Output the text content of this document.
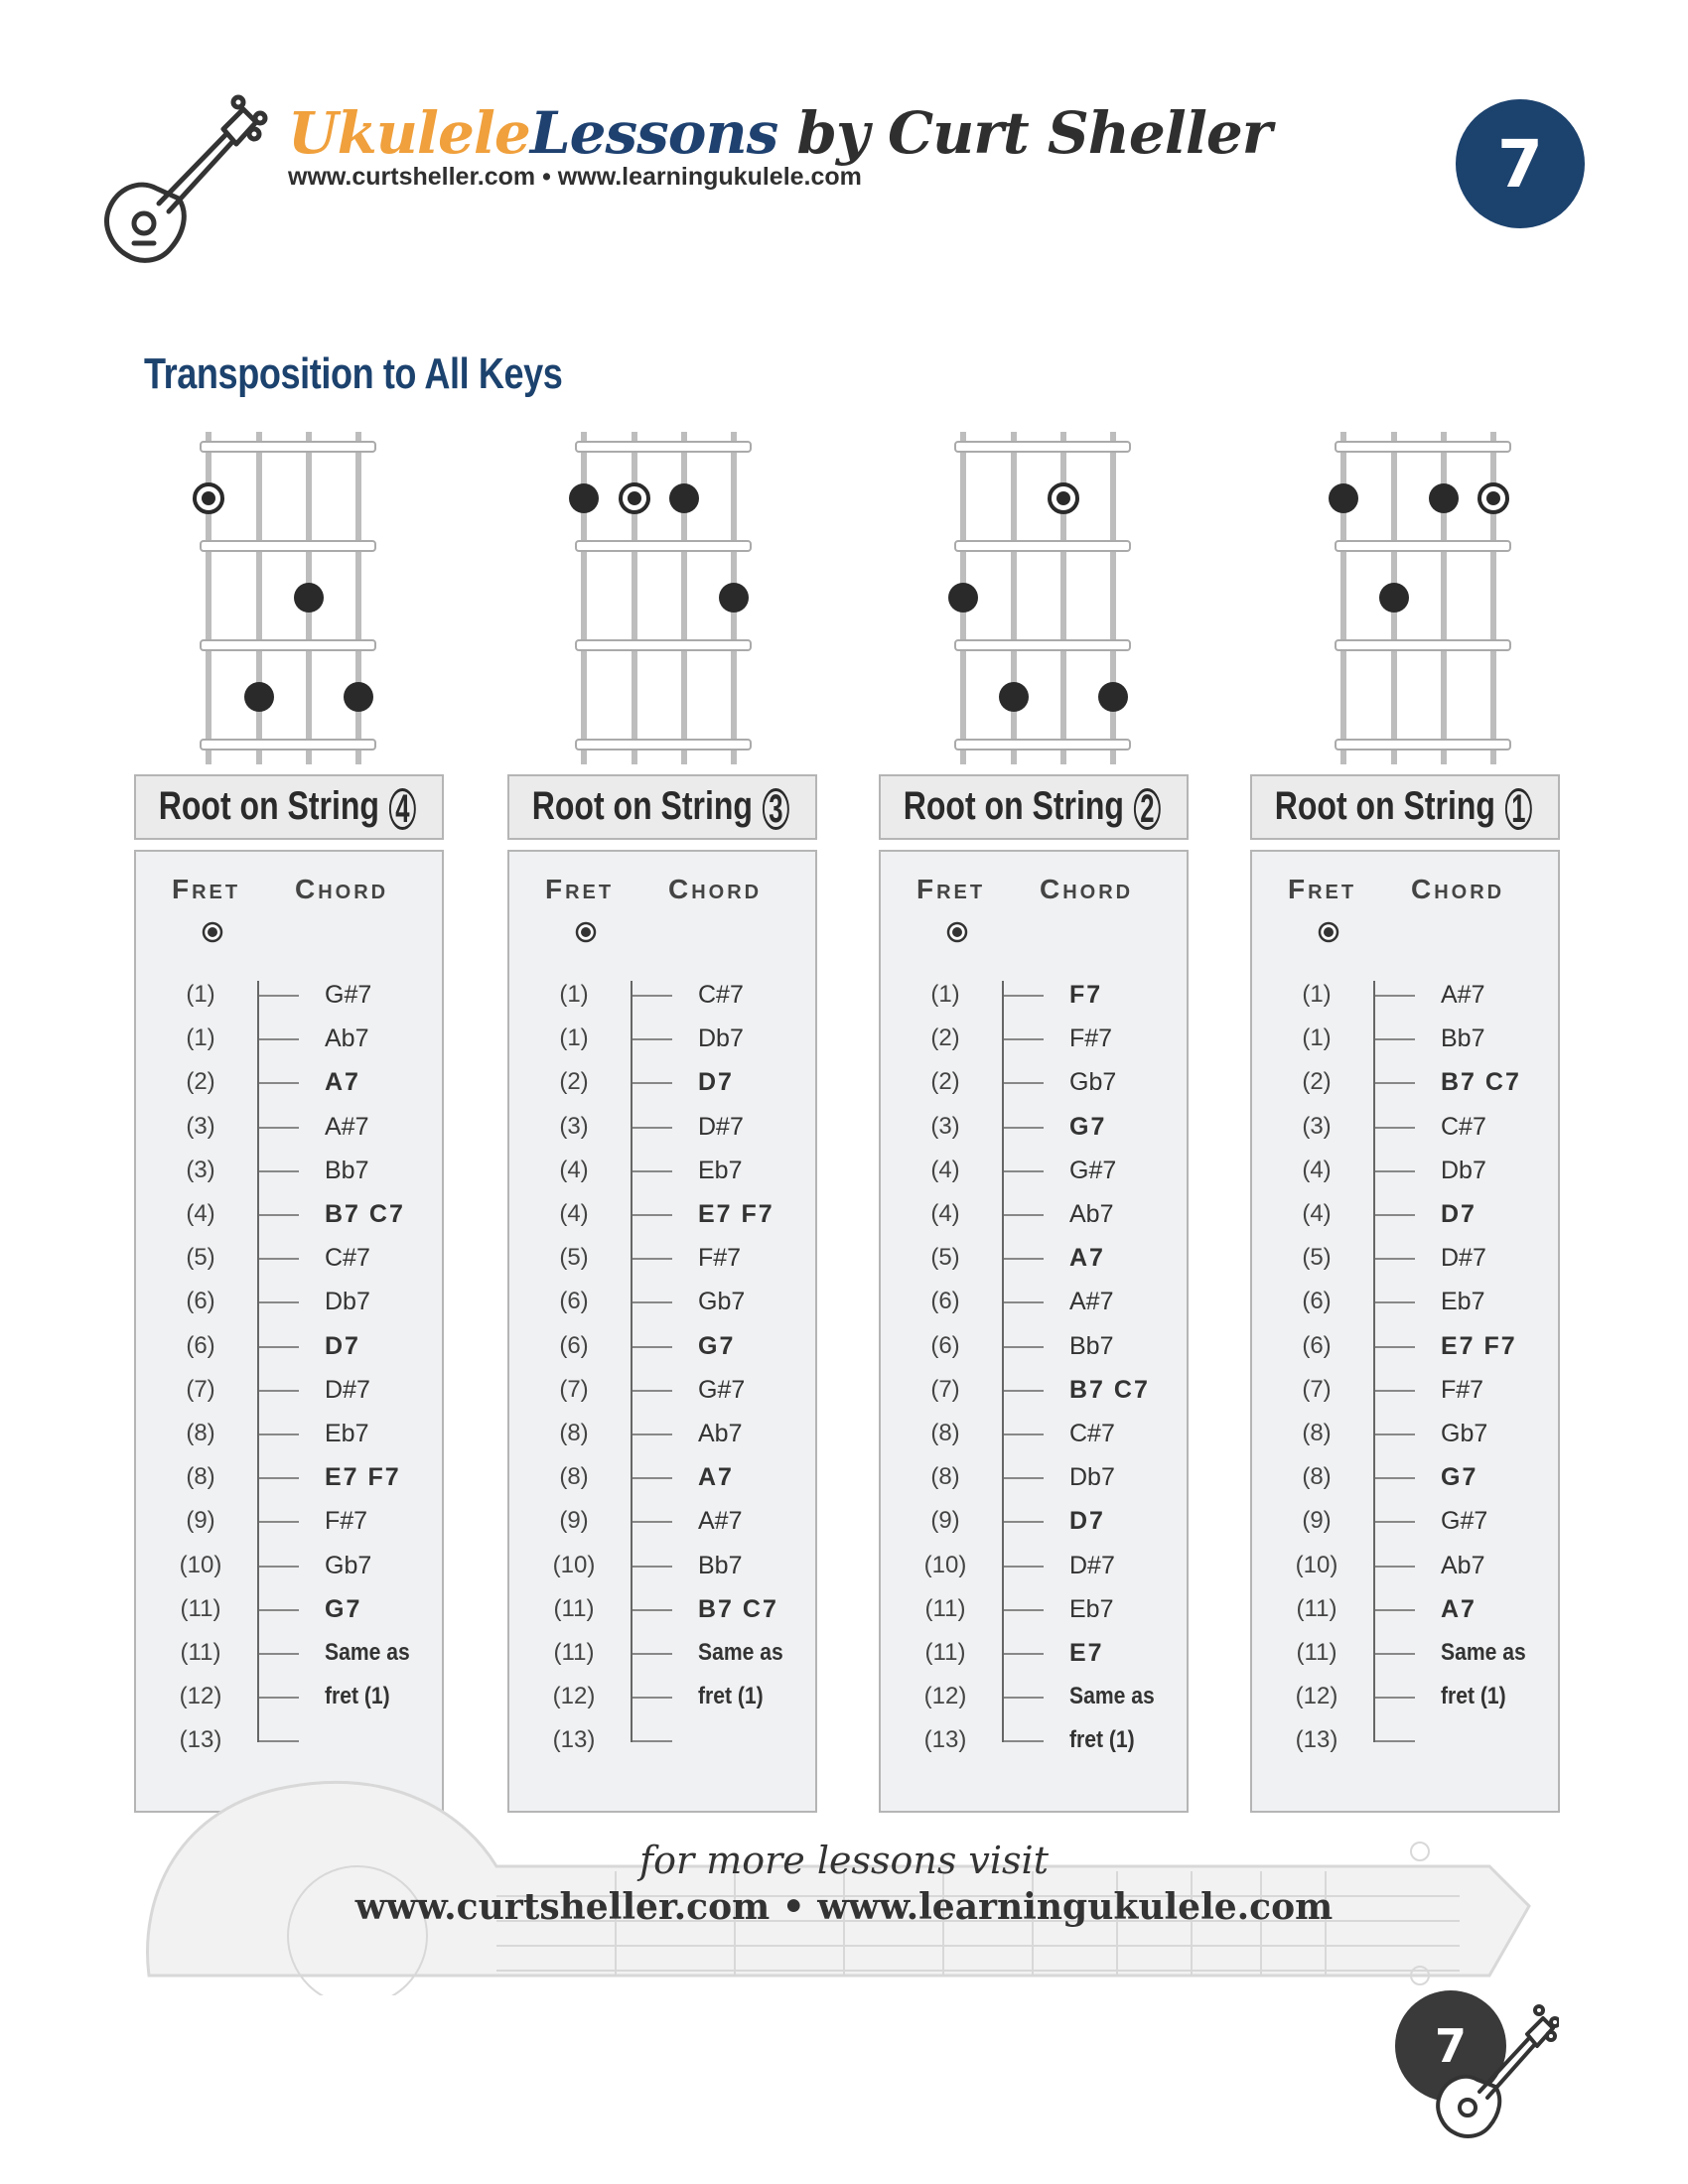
UkuleleLessons by Curt Sheller
www.curtsheller.com • www.learningukulele.com	7
Transposition to All Keys
Root on String 4	Root on String 3	Root on String 2	Root on String 1
Fret Chord
(1)	G#7
(1)	Ab7
(2)	A7
(3)	A#7
(3)	Bb7
(4)	B7 C7
(5)	C#7
(6)	Db7
(6)	D7
(7)	D#7
(8)	Eb7
(8)	E7 F7
(9)	F#7
(10)	Gb7
(11)	G7
(11)	Same as
(12)	fret (1)
(13)
Fret Chord
(1)	C#7
(1)	Db7
(2)	D7
(3)	D#7
(4)	Eb7
(4)	E7 F7
(5)	F#7
(6)	Gb7
(6)	G7
(7)	G#7
(8)	Ab7
(8)	A7
(9)	A#7
(10)	Bb7
(11)	B7 C7
(11)	Same as
(12)	fret (1)
(13)
Fret Chord
(1)	F7
(2)	F#7
(2)	Gb7
(3)	G7
(4)	G#7
(4)	Ab7
(5)	A7
(6)	A#7
(6)	Bb7
(7)	B7 C7
(8)	C#7
(8)	Db7
(9)	D7
(10)	D#7
(11)	Eb7
(11)	E7
(12)	Same as
(13)	fret (1)
Fret Chord
(1)	A#7
(1)	Bb7
(2)	B7 C7
(3)	C#7
(4)	Db7
(4)	D7
(5)	D#7
(6)	Eb7
(6)	E7 F7
(7)	F#7
(8)	Gb7
(8)	G7
(9)	G#7
(10)	Ab7
(11)	A7
(11)	Same as
(12)	fret (1)
(13)
for more lessons visit
www.curtsheller.com • www.learningukulele.com
7
